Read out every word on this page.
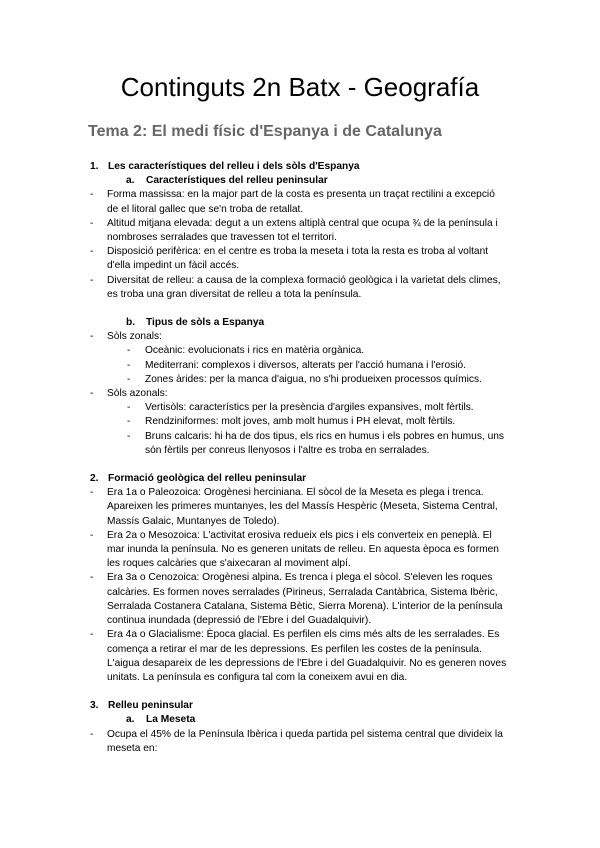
Continguts 2n Batx - Geografía
Tema 2: El medi físic d'Espanya i de Catalunya
1. Les característiques del relleu i dels sòls d'Espanya
a. Característiques del relleu peninsular
- Forma massissa: en la major part de la costa es presenta un traçat rectilini a excepció de el litoral gallec que se'n troba de retallat.
- Altitud mitjana elevada: degut a un extens altiplà central que ocupa ¾ de la península i nombroses serralades que travessen tot el territori.
- Disposició perifèrica: en el centre es troba la meseta i tota la resta es troba al voltant d'ella impedint un fàcil accés.
- Diversitat de relleu: a causa de la complexa formació geològica i la varietat dels climes, es troba una gran diversitat de relleu a tota la península.
b. Tipus de sòls a Espanya
- Sòls zonals:
- Oceànic: evolucionats i rics en matèria orgànica.
- Mediterrani: complexos i diversos, alterats per l'acció humana i l'erosió.
- Zones àrides: per la manca d'aigua, no s'hi produeixen processos químics.
- Sòls azonals:
- Vertisòls: característics per la presència d'argiles expansives, molt fèrtils.
- Rendziniformes: molt joves, amb molt humus i PH elevat, molt fèrtils.
- Bruns calcaris: hi ha de dos tipus, els rics en humus i els pobres en humus, uns són fèrtils per conreus llenyosos i l'altre es troba en serralades.
2. Formació geològica del relleu peninsular
- Era 1a o Paleozoica: Orogènesi herciniana. El sòcol de la Meseta es plega i trenca. Apareixen les primeres muntanyes, les del Massís Hespèric (Meseta, Sistema Central, Massís Galaic, Muntanyes de Toledo).
- Era 2a o Mesozoica: L'activitat erosiva redueix els pics i els converteix en peneplà. El mar inunda la península. No es generen unitats de relleu. En aquesta època es formen les roques calcàries que s'aixecaran al moviment alpí.
- Era 3a o Cenozoica: Orogènesi alpina. Es trenca i plega el sòcol. S'eleven les roques calcàries. Es formen noves serralades (Pirineus, Serralada Cantàbrica, Sistema Ibèric, Serralada Costanera Catalana, Sistema Bètic, Sierra Morena). L'interior de la península continua inundada (depressió de l'Ebre i del Guadalquivir).
- Era 4a o Glacialisme: Època glacial. Es perfilen els cims més alts de les serralades. Es comença a retirar el mar de les depressions. Es perfilen les costes de la península. L'aigua desapareix de les depressions de l'Ebre i del Guadalquivir. No es generen noves unitats. La península es configura tal com la coneixem avui en dia.
3. Relleu peninsular
a. La Meseta
- Ocupa el 45% de la Península Ibèrica i queda partida pel sistema central que divideix la meseta en:
